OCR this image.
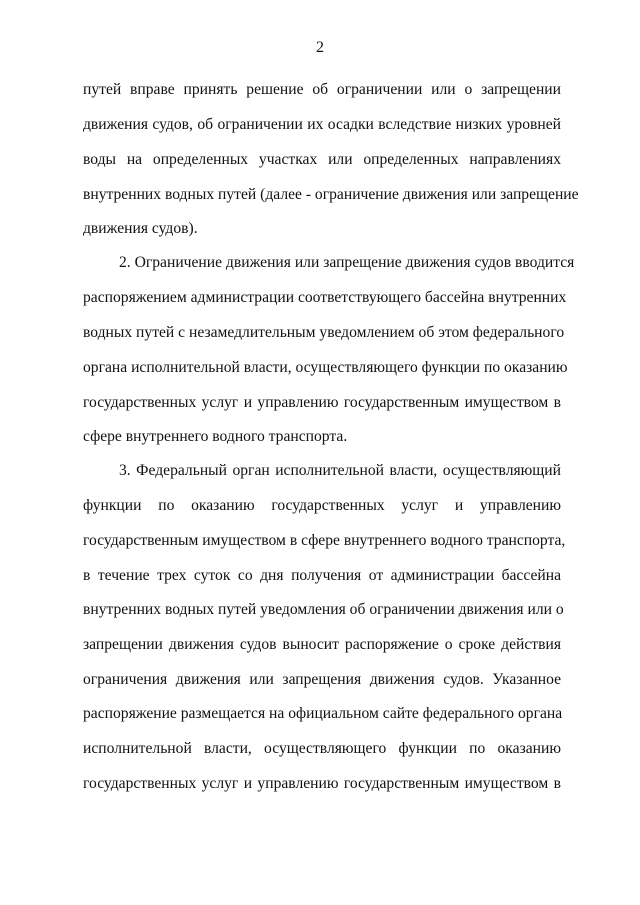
2
путей вправе принять решение об ограничении или о запрещении
движения судов, об ограничении их осадки вследствие низких уровней
воды на определенных участках или определенных направлениях
внутренних водных путей (далее - ограничение движения или запрещение
движения судов).
2. Ограничение движения или запрещение движения судов вводится
распоряжением администрации соответствующего бассейна внутренних
водных путей с незамедлительным уведомлением об этом федерального
органа исполнительной власти, осуществляющего функции по оказанию
государственных услуг и управлению государственным имуществом в
сфере внутреннего водного транспорта.
3. Федеральный орган исполнительной власти, осуществляющий
функции по оказанию государственных услуг и управлению
государственным имуществом в сфере внутреннего водного транспорта,
в течение трех суток со дня получения от администрации бассейна
внутренних водных путей уведомления об ограничении движения или о
запрещении движения судов выносит распоряжение о сроке действия
ограничения движения или запрещения движения судов. Указанное
распоряжение размещается на официальном сайте федерального органа
исполнительной власти, осуществляющего функции по оказанию
государственных услуг и управлению государственным имуществом в
